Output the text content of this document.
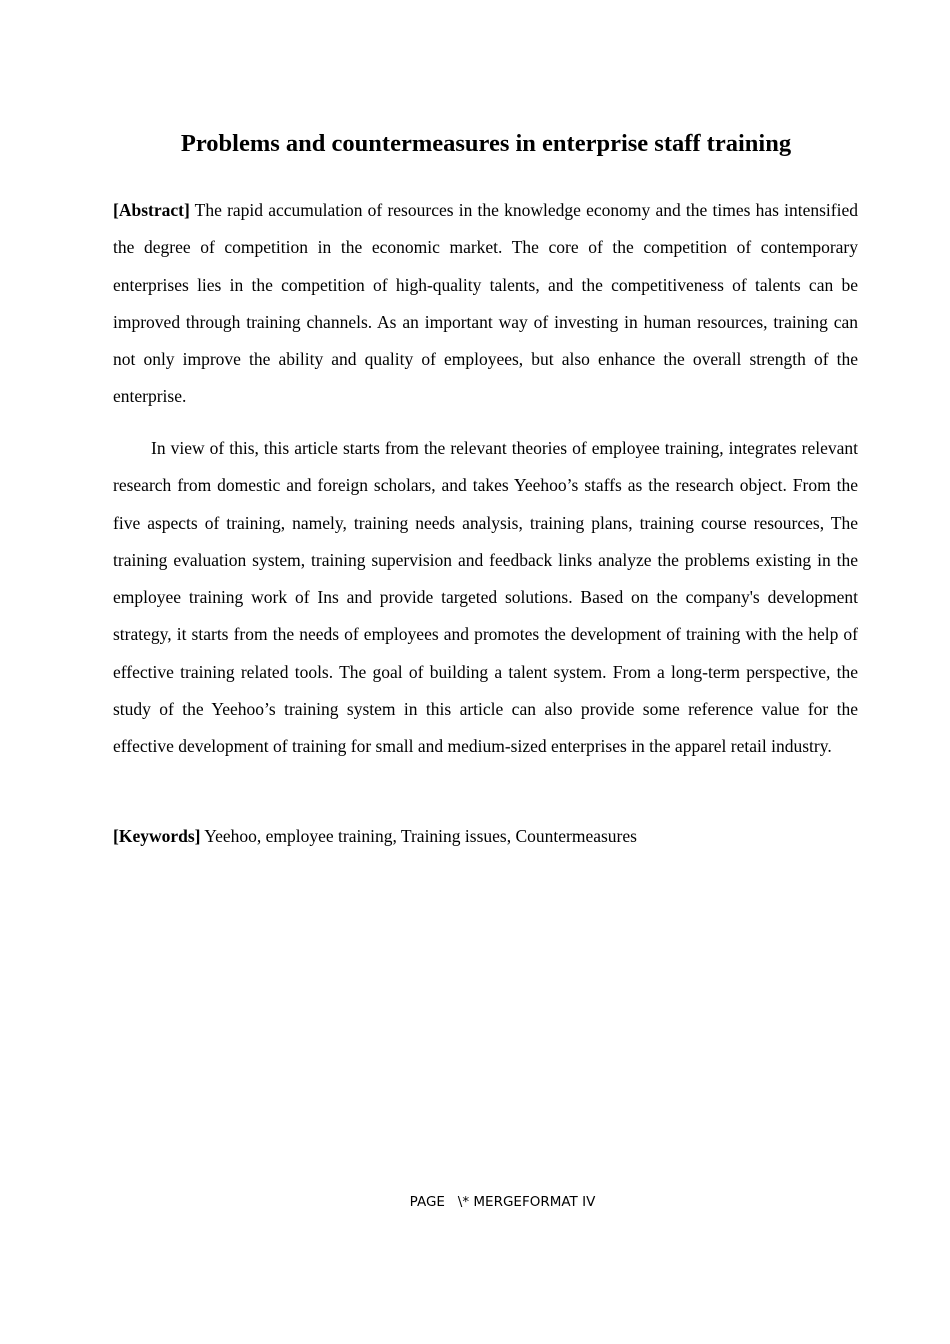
Problems and countermeasures in enterprise staff training

[Abstract] The rapid accumulation of resources in the knowledge economy and the times has intensified the degree of competition in the economic market. The core of the competition of contemporary enterprises lies in the competition of high-quality talents, and the competitiveness of talents can be improved through training channels. As an important way of investing in human resources, training can not only improve the ability and quality of employees, but also enhance the overall strength of the enterprise.

In view of this, this article starts from the relevant theories of employee training, integrates relevant research from domestic and foreign scholars, and takes Yeehoo’s staffs as the research object. From the five aspects of training, namely, training needs analysis, training plans, training course resources, The training evaluation system, training supervision and feedback links analyze the problems existing in the employee training work of Ins and provide targeted solutions. Based on the company's development strategy, it starts from the needs of employees and promotes the development of training with the help of effective training related tools. The goal of building a talent system. From a long-term perspective, the study of the Yeehoo’s training system in this article can also provide some reference value for the effective development of training for small and medium-sized enterprises in the apparel retail industry.

[Keywords] Yeehoo, employee training, Training issues, Countermeasures

PAGE   \* MERGEFORMAT IV
